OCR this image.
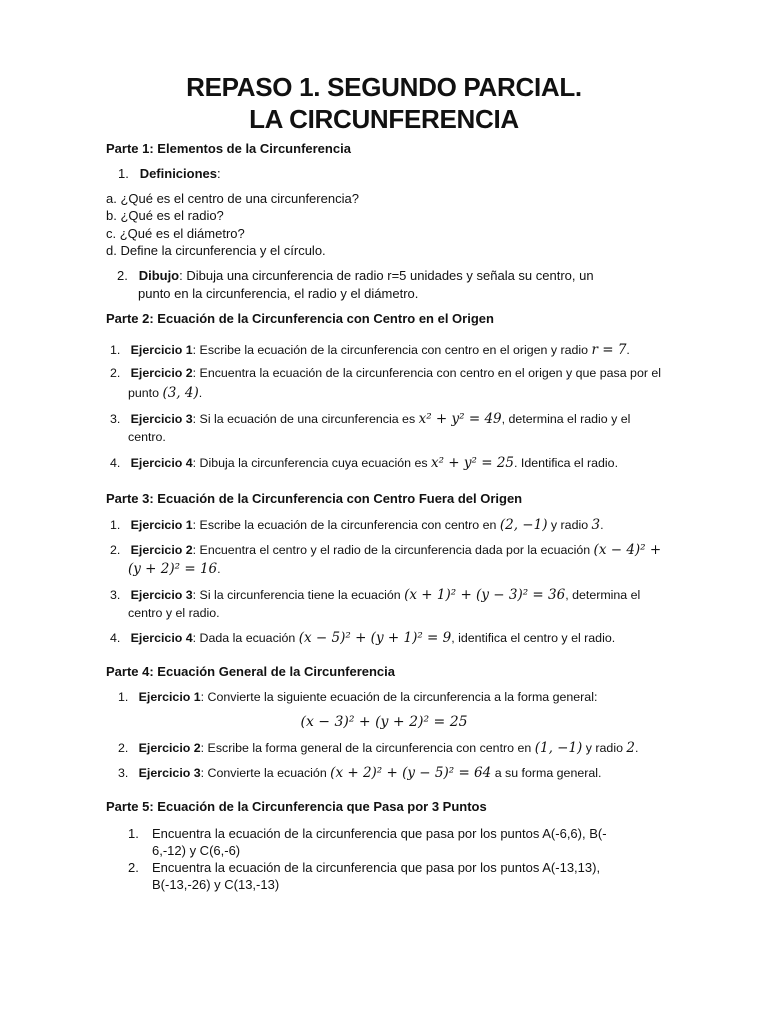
REPASO 1. SEGUNDO PARCIAL.
LA CIRCUNFERENCIA
Parte 1: Elementos de la Circunferencia
1. Definiciones:
a. ¿Qué es el centro de una circunferencia?
b. ¿Qué es el radio?
c. ¿Qué es el diámetro?
d. Define la circunferencia y el círculo.
2. Dibujo: Dibuja una circunferencia de radio r=5 unidades y señala su centro, un
punto en la circunferencia, el radio y el diámetro.
Parte 2: Ecuación de la Circunferencia con Centro en el Origen
1. Ejercicio 1: Escribe la ecuación de la circunferencia con centro en el origen y radio r = 7.
2. Ejercicio 2: Encuentra la ecuación de la circunferencia con centro en el origen y que pasa por el
punto (3, 4).
3. Ejercicio 3: Si la ecuación de una circunferencia es x² + y² = 49, determina el radio y el
centro.
4. Ejercicio 4: Dibuja la circunferencia cuya ecuación es x² + y² = 25. Identifica el radio.
Parte 3: Ecuación de la Circunferencia con Centro Fuera del Origen
1. Ejercicio 1: Escribe la ecuación de la circunferencia con centro en (2, −1) y radio 3.
2. Ejercicio 2: Encuentra el centro y el radio de la circunferencia dada por la ecuación (x − 4)² +
(y + 2)² = 16.
3. Ejercicio 3: Si la circunferencia tiene la ecuación (x + 1)² + (y − 3)² = 36, determina el
centro y el radio.
4. Ejercicio 4: Dada la ecuación (x − 5)² + (y + 1)² = 9, identifica el centro y el radio.
Parte 4: Ecuación General de la Circunferencia
1. Ejercicio 1: Convierte la siguiente ecuación de la circunferencia a la forma general:
(x − 3)² + (y + 2)² = 25
2. Ejercicio 2: Escribe la forma general de la circunferencia con centro en (1, −1) y radio 2.
3. Ejercicio 3: Convierte la ecuación (x + 2)² + (y − 5)² = 64 a su forma general.
Parte 5: Ecuación de la Circunferencia que Pasa por 3 Puntos
1. Encuentra la ecuación de la circunferencia que pasa por los puntos A(-6,6), B(-
6,-12) y C(6,-6)
2. Encuentra la ecuación de la circunferencia que pasa por los puntos A(-13,13),
B(-13,-26) y C(13,-13)
